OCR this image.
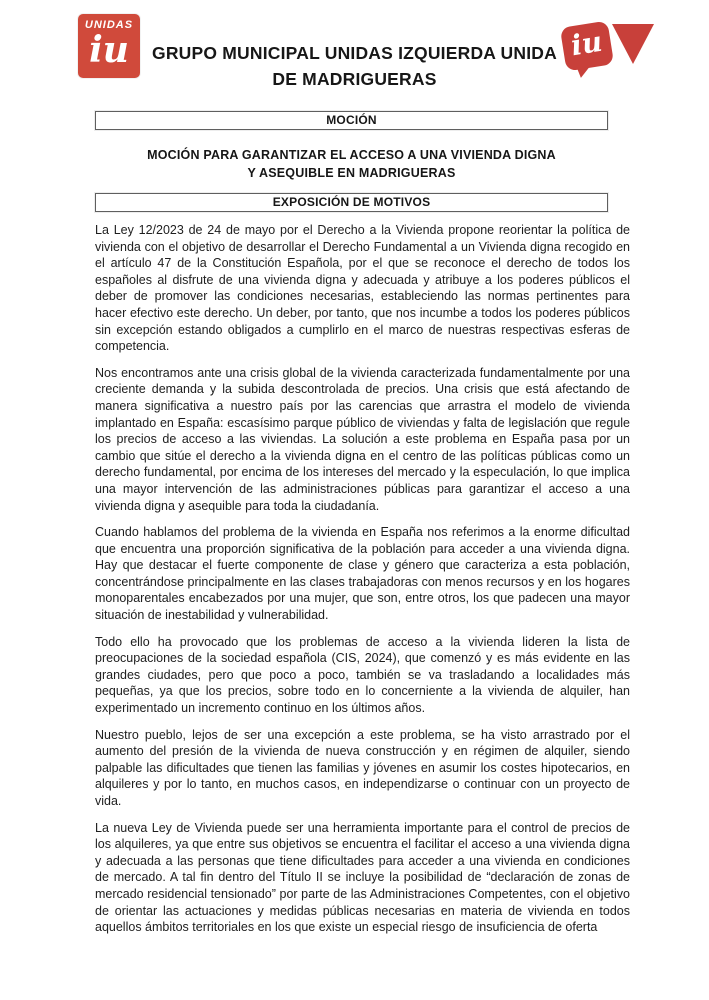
UNIDAS
iu	GRUPO MUNICIPAL UNIDAS IZQUIERDA UNIDA
DE MADRIGUERAS
iu
MOCIÓN
MOCIÓN PARA GARANTIZAR EL ACCESO A UNA VIVIENDA DIGNA
Y ASEQUIBLE EN MADRIGUERAS
EXPOSICIÓN DE MOTIVOS

La Ley 12/2023 de 24 de mayo por el Derecho a la Vivienda propone reorientar la política de vivienda con el objetivo de desarrollar el Derecho Fundamental a un Vivienda digna recogido en el artículo 47 de la Constitución Española, por el que se reconoce el derecho de todos los españoles al disfrute de una vivienda digna y adecuada y atribuye a los poderes públicos el deber de promover las condiciones necesarias, estableciendo las normas pertinentes para hacer efectivo este derecho. Un deber, por tanto, que nos incumbe a todos los poderes públicos sin excepción estando obligados a cumplirlo en el marco de nuestras respectivas esferas de competencia.

Nos encontramos ante una crisis global de la vivienda caracterizada fundamentalmente por una creciente demanda y la subida descontrolada de precios. Una crisis que está afectando de manera significativa a nuestro país por las carencias que arrastra el modelo de vivienda implantado en España: escasísimo parque público de viviendas y falta de legislación que regule los precios de acceso a las viviendas. La solución a este problema en España pasa por un cambio que sitúe el derecho a la vivienda digna en el centro de las políticas públicas como un derecho fundamental, por encima de los intereses del mercado y la especulación, lo que implica una mayor intervención de las administraciones públicas para garantizar el acceso a una vivienda digna y asequible para toda la ciudadanía.

Cuando hablamos del problema de la vivienda en España nos referimos a la enorme dificultad que encuentra una proporción significativa de la población para acceder a una vivienda digna. Hay que destacar el fuerte componente de clase y género que caracteriza a esta población, concentrándose principalmente en las clases trabajadoras con menos recursos y en los hogares monoparentales encabezados por una mujer, que son, entre otros, los que padecen una mayor situación de inestabilidad y vulnerabilidad.

Todo ello ha provocado que los problemas de acceso a la vivienda lideren la lista de preocupaciones de la sociedad española (CIS, 2024), que comenzó y es más evidente en las grandes ciudades, pero que poco a poco, también se va trasladando a localidades más pequeñas, ya que los precios, sobre todo en lo concerniente a la vivienda de alquiler, han experimentado un incremento continuo en los últimos años.

Nuestro pueblo, lejos de ser una excepción a este problema, se ha visto arrastrado por el aumento del presión de la vivienda de nueva construcción y en régimen de alquiler, siendo palpable las dificultades que tienen las familias y jóvenes en asumir los costes hipotecarios, en alquileres y por lo tanto, en muchos casos, en independizarse o continuar con un proyecto de vida.

La nueva Ley de Vivienda puede ser una herramienta importante para el control de precios de los alquileres, ya que entre sus objetivos se encuentra el facilitar el acceso a una vivienda digna y adecuada a las personas que tiene dificultades para acceder a una vivienda en condiciones de mercado. A tal fin dentro del Título II se incluye la posibilidad de “declaración de zonas de mercado residencial tensionado” por parte de las Administraciones Competentes, con el objetivo de orientar las actuaciones y medidas públicas necesarias en materia de vivienda en todos aquellos ámbitos territoriales en los que existe un especial riesgo de insuficiencia de oferta
